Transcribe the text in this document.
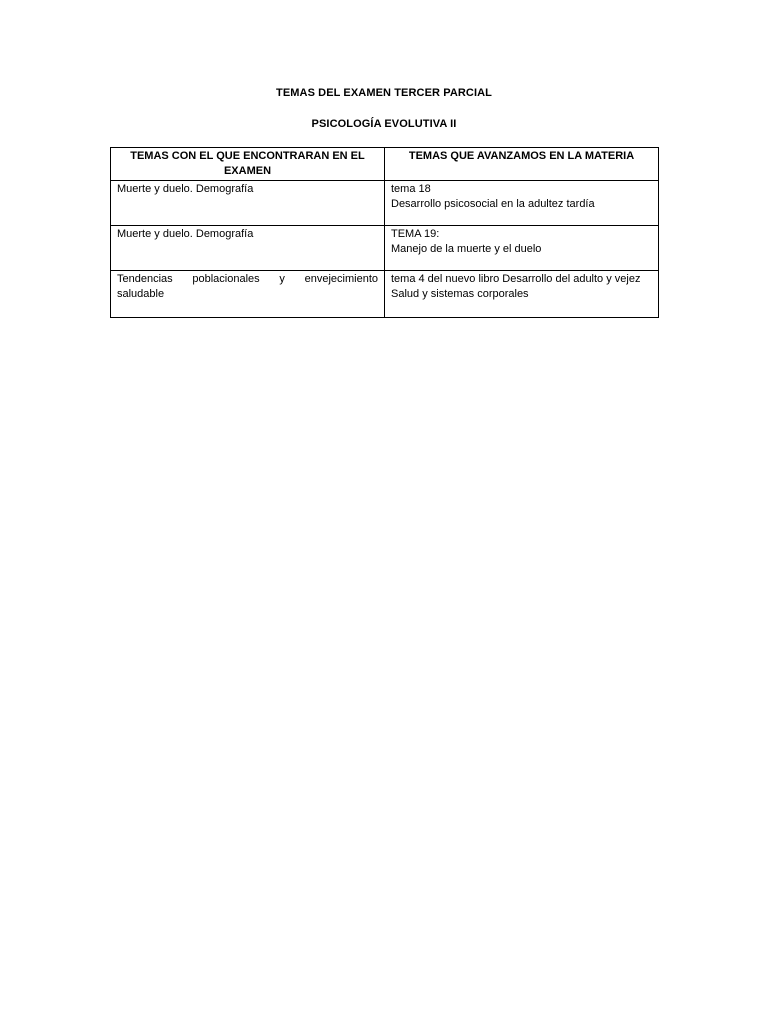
TEMAS DEL EXAMEN TERCER PARCIAL
PSICOLOGÍA EVOLUTIVA II
TEMAS CON EL QUE ENCONTRARAN EN EL EXAMEN	TEMAS QUE AVANZAMOS EN LA MATERIA
Muerte y duelo. Demografía	tema 18
Desarrollo psicosocial en la adultez tardía

Muerte y duelo. Demografía	TEMA 19:
Manejo de la muerte y el duelo

Tendencias poblacionales y envejecimiento saludable	tema 4 del nuevo libro Desarrollo del adulto y vejez
Salud y sistemas corporales
